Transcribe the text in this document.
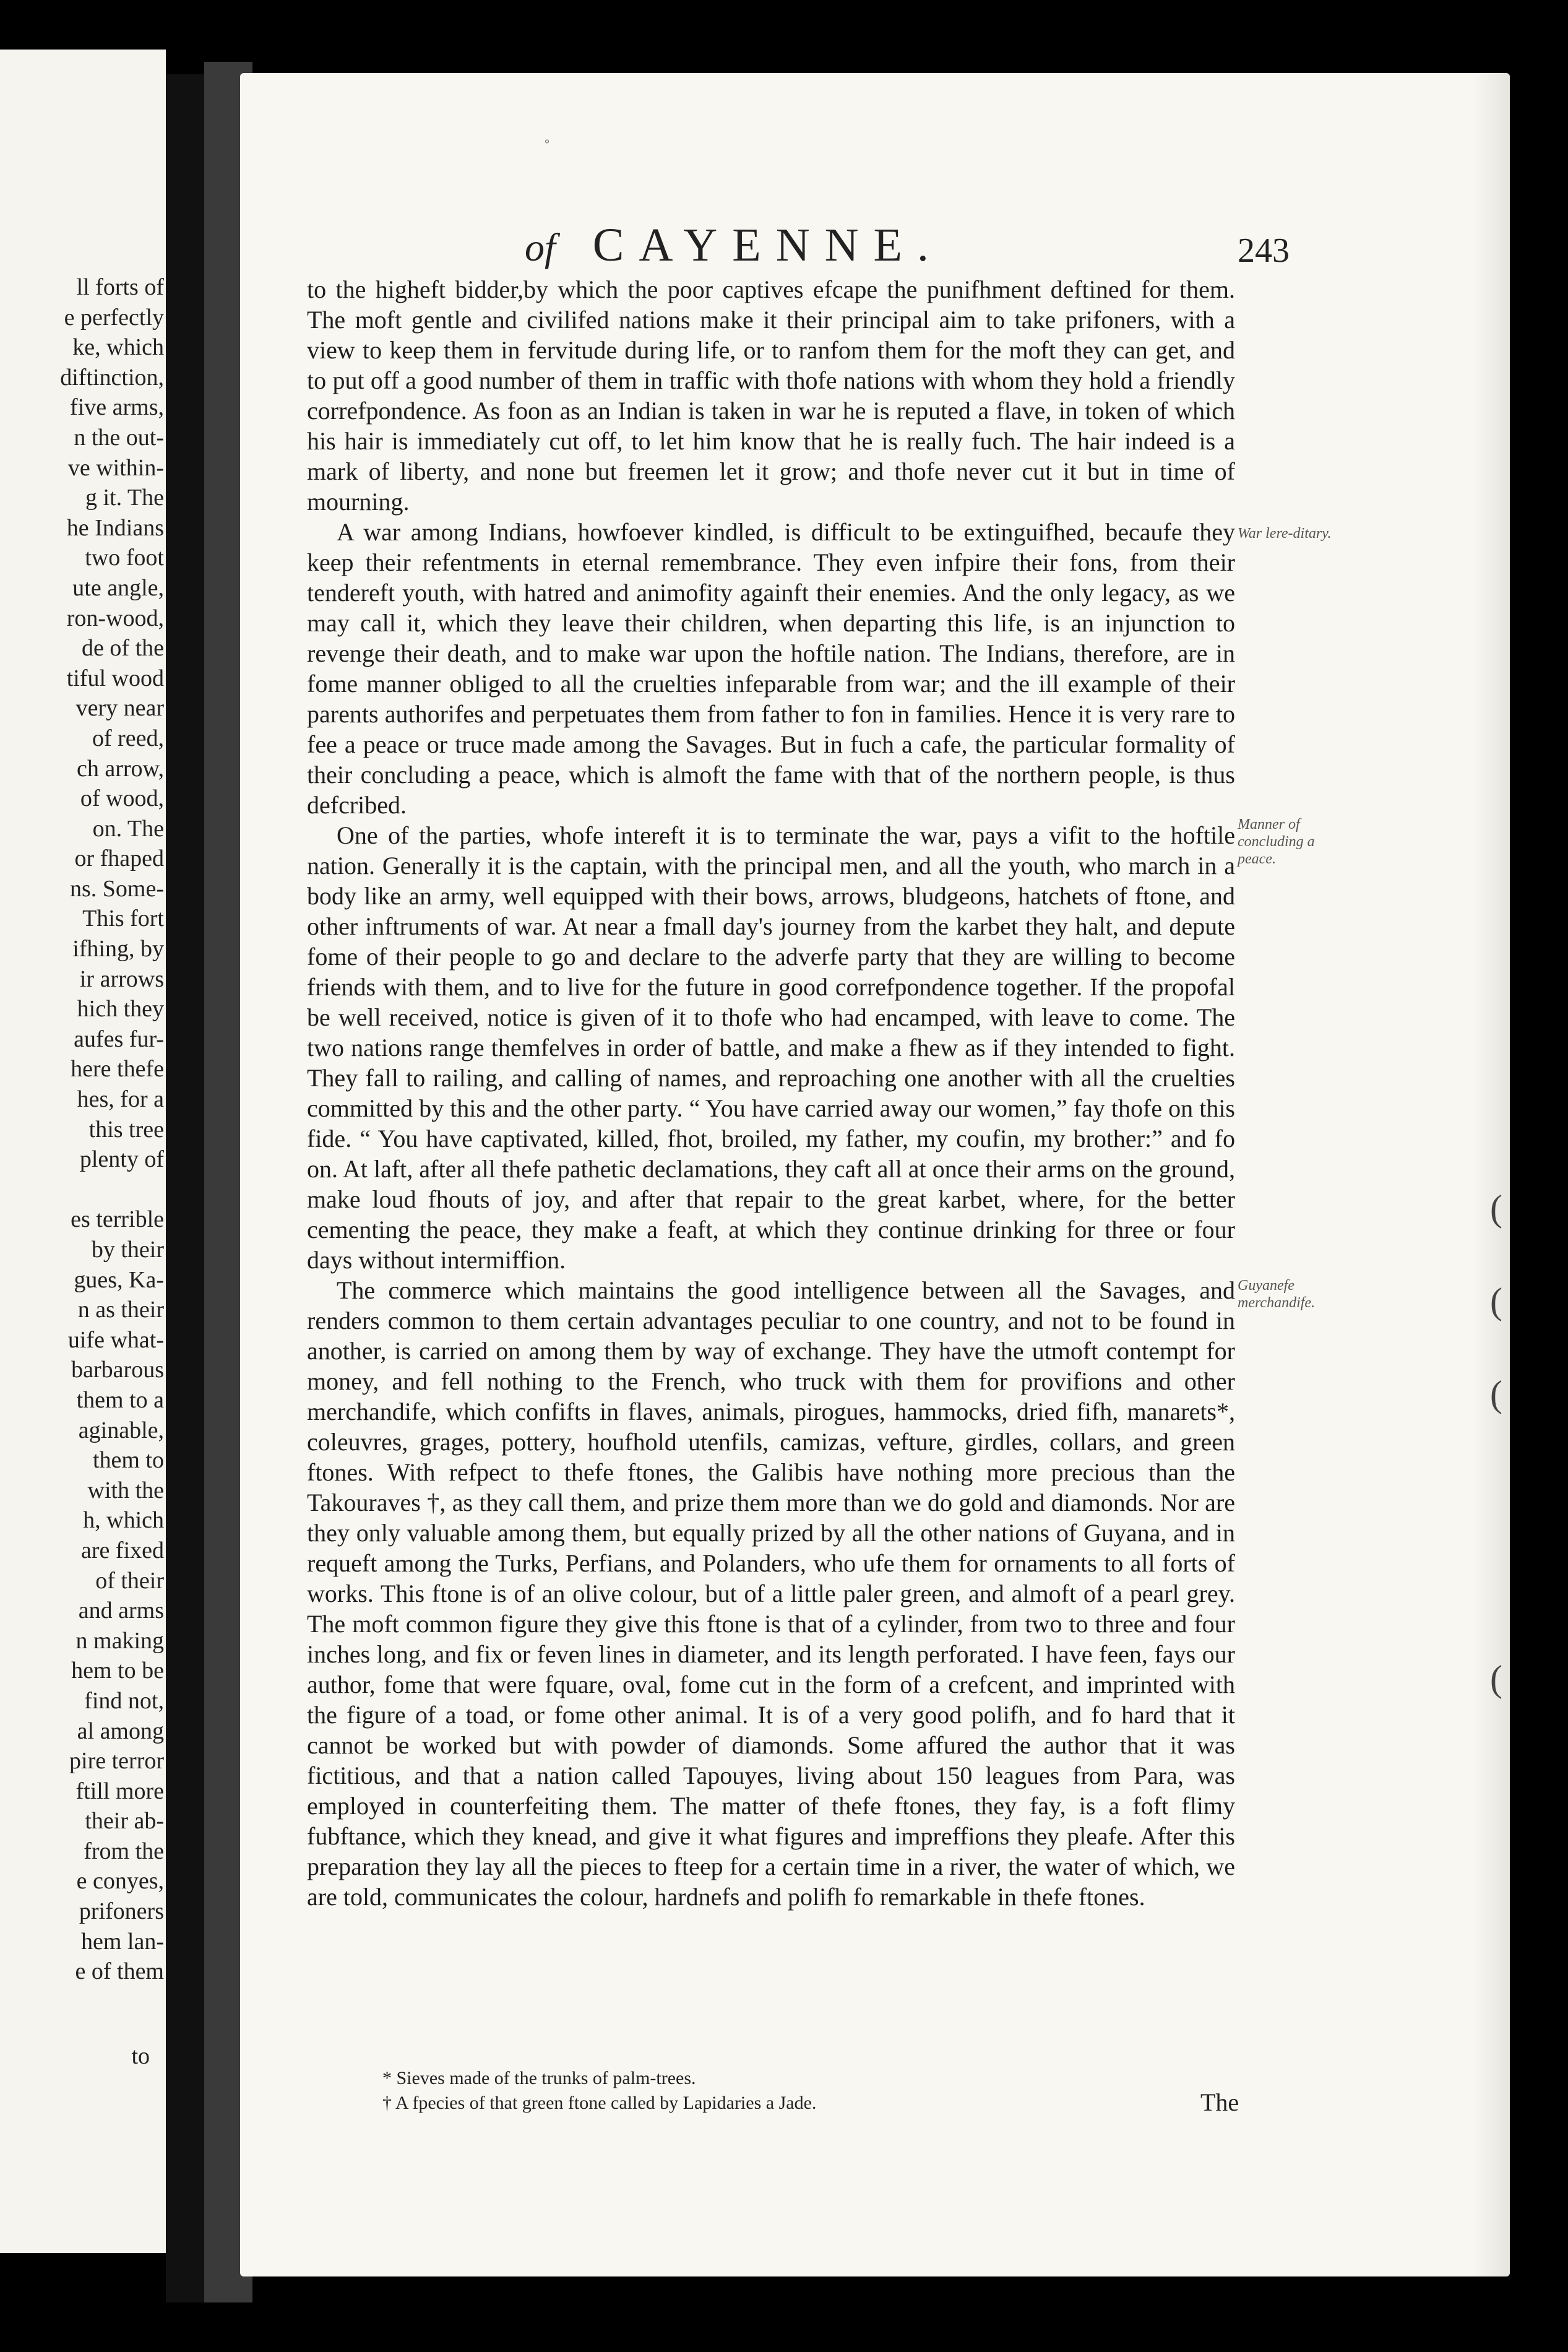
ll forts of
e perfectly
ke, which
diftinction,
five arms,
n the out-
ve within-
g it. The
he Indians
two foot
ute angle,
ron-wood,
de of the
tiful wood
very near
of reed,
ch arrow,
of wood,
on. The
or fhaped
ns. Some-
This fort
ifhing, by
ir arrows
hich they
aufes fur-
here thefe
hes, for a
this tree
plenty of

es terrible
by their
gues, Ka-
n as their
uife what-
barbarous
them to a
aginable,
them to
with the
h, which
are fixed
of their
and arms
n making
hem to be
find not,
al among
pire terror
ftill more
their ab-
from the
e conyes,
prifoners
hem lan-
e of them
to
°
of CAYENNE.	243

to the higheft bidder,by which the poor captives efcape the punifhment deftined for them. The moft gentle and civilifed nations make it their principal aim to take prifoners, with a view to keep them in fervitude during life, or to ranfom them for the moft they can get, and to put off a good number of them in traffic with thofe nations with whom they hold a friendly correfpondence. As foon as an Indian is taken in war he is reputed a flave, in token of which his hair is immediately cut off, to let him know that he is really fuch. The hair indeed is a mark of liberty, and none but freemen let it grow; and thofe never cut it but in time of mourning.

A war among Indians, howfoever kindled, is difficult to be extinguifhed, becaufe they keep their refentments in eternal remembrance. They even infpire their fons, from their tendereft youth, with hatred and animofity againft their enemies. And the only legacy, as we may call it, which they leave their children, when departing this life, is an injunction to revenge their death, and to make war upon the hoftile nation. The Indians, therefore, are in fome manner obliged to all the cruelties infeparable from war; and the ill example of their parents authorifes and perpetuates them from father to fon in families. Hence it is very rare to fee a peace or truce made among the Savages. But in fuch a cafe, the particular formality of their concluding a peace, which is almoft the fame with that of the northern people, is thus defcribed.

One of the parties, whofe intereft it is to terminate the war, pays a vifit to the hoftile nation. Generally it is the captain, with the principal men, and all the youth, who march in a body like an army, well equipped with their bows, arrows, bludgeons, hatchets of ftone, and other inftruments of war. At near a fmall day's journey from the karbet they halt, and depute fome of their people to go and declare to the adverfe party that they are willing to become friends with them, and to live for the future in good correfpondence together. If the propofal be well received, notice is given of it to thofe who had encamped, with leave to come. The two nations range themfelves in order of battle, and make a fhew as if they intended to fight. They fall to railing, and calling of names, and reproaching one another with all the cruelties committed by this and the other party. “ You have carried away our women,” fay thofe on this fide. “ You have captivated, killed, fhot, broiled, my father, my coufin, my brother:” and fo on. At laft, after all thefe pathetic declamations, they caft all at once their arms on the ground, make loud fhouts of joy, and after that repair to the great karbet, where, for the better cementing the peace, they make a feaft, at which they continue drinking for three or four days without intermiffion.

The commerce which maintains the good intelligence between all the Savages, and renders common to them certain advantages peculiar to one country, and not to be found in another, is carried on among them by way of exchange. They have the utmoft contempt for money, and fell nothing to the French, who truck with them for provifions and other merchandife, which confifts in flaves, animals, pirogues, hammocks, dried fifh, manarets*, coleuvres, grages, pottery, houfhold utenfils, camizas, vefture, girdles, collars, and green ftones. With refpect to thefe ftones, the Galibis have nothing more precious than the Takouraves †, as they call them, and prize them more than we do gold and diamonds. Nor are they only valuable among them, but equally prized by all the other nations of Guyana, and in requeft among the Turks, Perfians, and Polanders, who ufe them for ornaments to all forts of works. This ftone is of an olive colour, but of a little paler green, and almoft of a pearl grey. The moft common figure they give this ftone is that of a cylinder, from two to three and four inches long, and fix or feven lines in diameter, and its length perforated. I have feen, fays our author, fome that were fquare, oval, fome cut in the form of a crefcent, and imprinted with the figure of a toad, or fome other animal. It is of a very good polifh, and fo hard that it cannot be worked but with powder of diamonds. Some affured the author that it was fictitious, and that a nation called Tapouyes, living about 150 leagues from Para, was employed in counterfeiting them. The matter of thefe ftones, they fay, is a foft flimy fubftance, which they knead, and give it what figures and impreffions they pleafe. After this preparation they lay all the pieces to fteep for a certain time in a river, the water of which, we are told, communicates the colour, hardnefs and polifh fo remarkable in thefe ftones.

War lere-ditary.
Manner of concluding a peace.
Guyanefe merchandife.
* Sieves made of the trunks of palm-trees.
† A fpecies of that green ftone called by Lapidaries a Jade.	The
(
(
(
(
